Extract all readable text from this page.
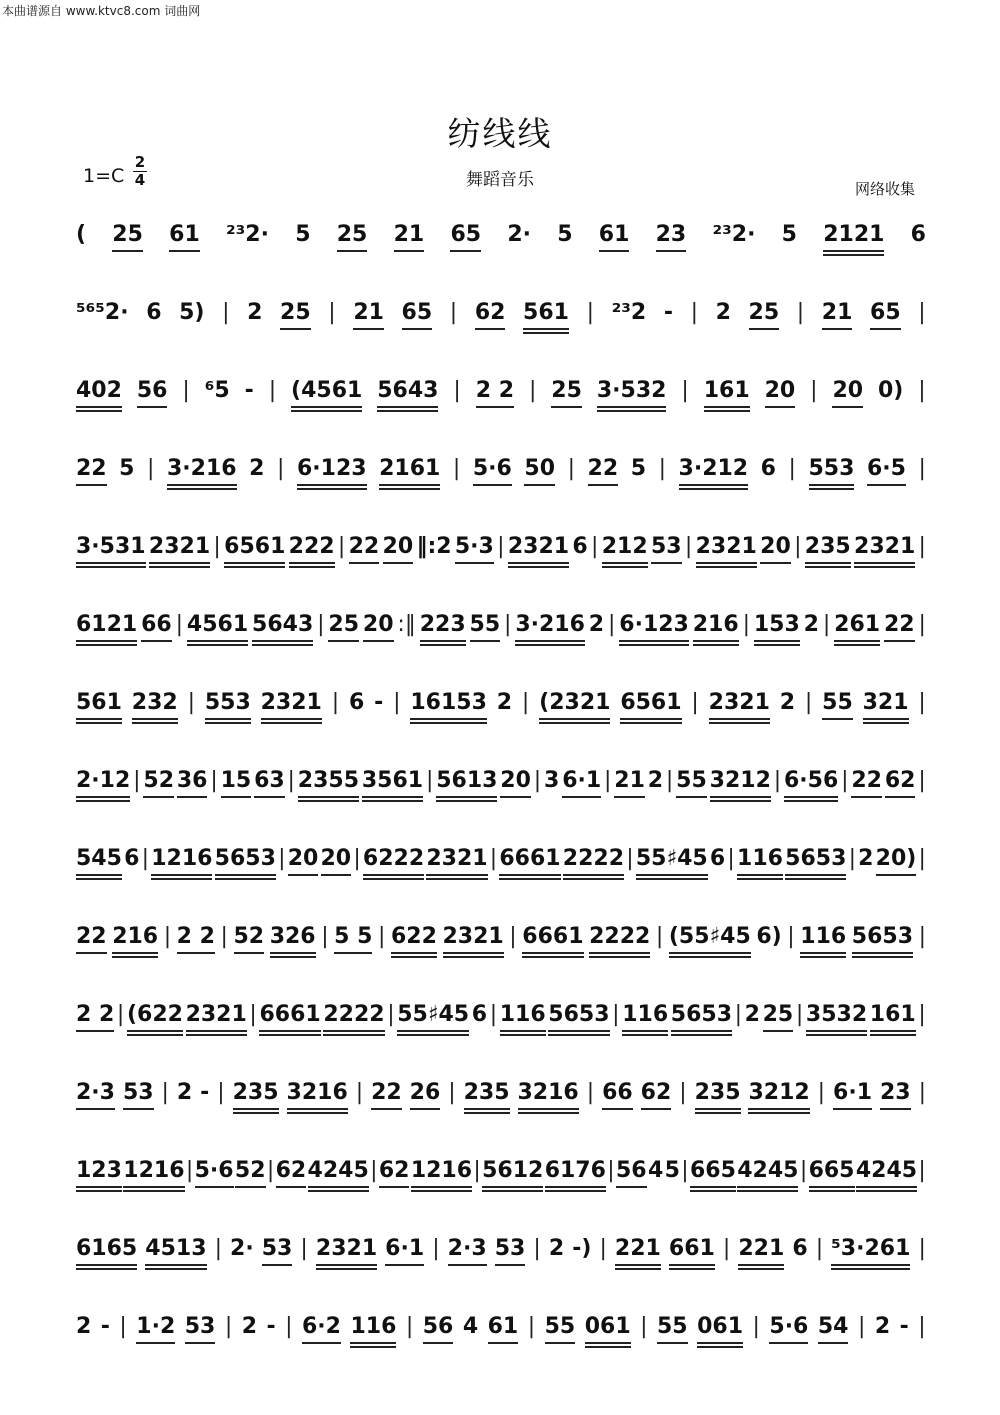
本曲谱源自 www.ktvc8.com 词曲网
纺线线
1=C
2
4	舞蹈音乐	网络收集
( 25 61 ²³2· 5 25 21 65 2· 5 61 23 ²³2· 5 2121 6
⁵⁶⁵2· 6 5) | 2 25 | 21 65 | 62 561 | ²³2 - | 2 25 | 21 65 |
402 56 | ⁶5 - | (4561 5643 | 2 2 | 25 3·532 | 161 20 | 20 0) |
22 5 | 3·216 2 | 6·123 2161 | 5·6 50 | 22 5 | 3·212 6 | 553 6·5 |
3·531 2321 | 6561 222 | 22 20 ‖:2 5·3 | 2321 6 | 212 53 | 2321 20 | 235 2321 |
6121 66 | 4561 5643 | 25 20 :‖ 223 55 | 3·216 2 | 6·123 216 | 153 2 | 261 22 |
561 232 | 553 2321 | 6 - | 16153 2 | (2321 6561 | 2321 2 | 55 321 |
2·12 | 52 36 | 15 63 | 2355 3561 | 5613 20 | 3 6·1 | 21 2 | 55 3212 | 6·56 | 22 62 |
545 6 | 1216 5653 | 20 20 | 6222 2321 | 6661 2222 | 55♯45 6 | 116 5653 | 2 20) |
22 216 | 2 2 | 52 326 | 5 5 | 622 2321 | 6661 2222 | (55♯45 6) | 116 5653 |
2 2 | (622 2321 | 6661 2222 | 55♯45 6 | 116 5653 | 116 5653 | 2 25 | 3532 161 |
2·3 53 | 2 - | 235 3216 | 22 26 | 235 3216 | 66 62 | 235 3212 | 6·1 23 |
123 1216 | 5·6 52 | 62 4245 | 62 1216 | 5612 6176 | 56 4 5 | 665 4245 | 665 4245 |
6165 4513 | 2· 53 | 2321 6·1 | 2·3 53 | 2 -) | 221 661 | 221 6 | ⁵3·261 |
2 - | 1·2 53 | 2 - | 6·2 116 | 56 4 61 | 55 061 | 55 061 | 5·6 54 | 2 - |
